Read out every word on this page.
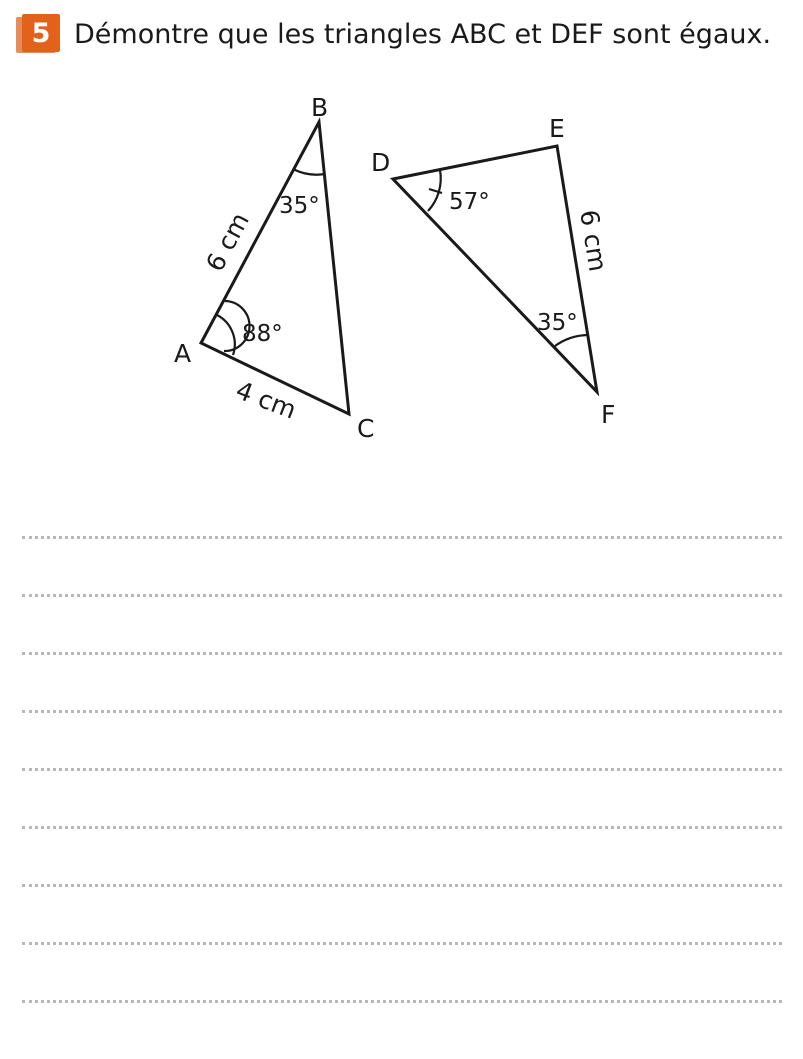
5 Démontre que les triangles ABC et DEF sont égaux.
A
B
C
6 cm
4 cm
88°
35°
D
E
F
6 cm
57°
35°
